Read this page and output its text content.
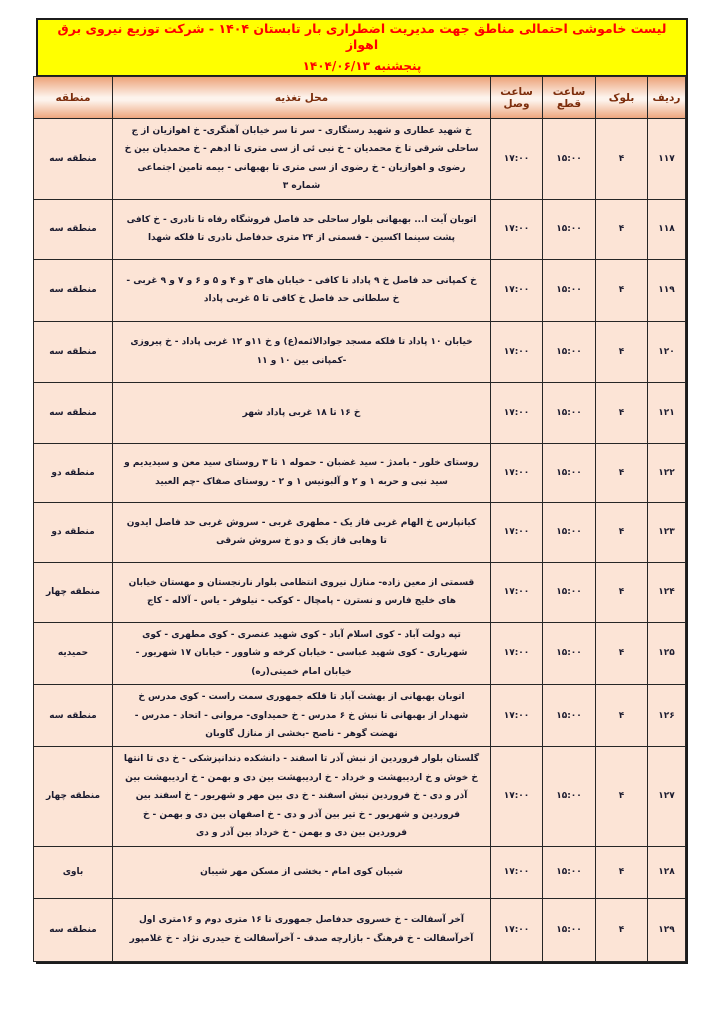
لیست خاموشی احتمالی مناطق جهت مدیریت اضطراری بار تابستان ۱۴۰۴ - شرکت توزیع نیروی برق اهواز
پنجشنبه ۱۴۰۴/۰۶/۱۳
ردیف	بلوک	ساعت قطع	ساعت وصل	محل تغذیه	منطقه
۱۱۷	۴	۱۵:۰۰	۱۷:۰۰	خ شهید عطاری و شهید رستگاری - سر تا سر خیابان آهنگری- خ اهوازیان از ج ساحلی شرقی تا خ محمدیان - خ نبی ئی از سی متری تا ادهم - خ محمدیان بین خ رضوی و اهوازیان - خ رضوی از سی متری تا بهبهانی - بیمه تامین اجتماعی شماره ۳	منطقه سه
۱۱۸	۴	۱۵:۰۰	۱۷:۰۰	اتوبان آیت ا... بهبهانی بلوار ساحلی حد فاصل فروشگاه رفاه تا نادری - خ کافی پشت سینما اکسین - قسمتی از ۲۴ متری حدفاصل نادری تا فلکه شهدا	منطقه سه
۱۱۹	۴	۱۵:۰۰	۱۷:۰۰	خ کمپانی حد فاصل خ ۹ پاداد تا کافی - خیابان های ۳ و ۴ و ۵ و ۶ و ۷ و ۹ غربی - خ سلطانی حد فاصل خ کافی تا ۵ غربی پاداد	منطقه سه
۱۲۰	۴	۱۵:۰۰	۱۷:۰۰	خیابان ۱۰ پاداد تا فلکه مسجد جوادالائمه(ع) و خ ۱۱و ۱۲ غربی پاداد - خ پیروزی -کمپانی بین ۱۰ و ۱۱	منطقه سه
۱۲۱	۴	۱۵:۰۰	۱۷:۰۰	خ ۱۶ تا ۱۸ غربی پاداد شهر	منطقه سه
۱۲۲	۴	۱۵:۰۰	۱۷:۰۰	روستای خلور - بامدژ - سید غضبان - حموله ۱ تا ۳ روستای سید معن و سیدیدیم و سید نبی و حربه ۱ و ۲ و آلبونیس ۱ و ۲ - روستای صفاک -چم العبید	منطقه دو
۱۲۳	۴	۱۵:۰۰	۱۷:۰۰	کیانپارس خ الهام غربی فاز یک - مطهری غربی - سروش غربی حد فاصل ایدون تا وهابی فاز یک و دو خ سروش شرقی	منطقه دو
۱۲۴	۴	۱۵:۰۰	۱۷:۰۰	قسمتی از معین زاده- منازل نیروی انتظامی بلوار نارنجستان و مهستان خیابان های خلیج فارس و نسترن - پامچال - کوکب - نیلوفر - یاس - آلاله - کاج	منطقه چهار
۱۲۵	۴	۱۵:۰۰	۱۷:۰۰	تپه دولت آباد - کوی اسلام آباد - کوی شهید عنصری - کوی مطهری - کوی شهریاری - کوی شهید عباسی - خیابان کرخه و شاوور - خیابان ۱۷ شهریور - خیابان امام خمینی(ره)	حمیدیه
۱۲۶	۴	۱۵:۰۰	۱۷:۰۰	اتوبان بهبهانی از بهشت آباد تا فلکه جمهوری سمت راست - کوی مدرس خ شهدار از بهبهانی تا نبش خ ۶ مدرس - خ حمیداوی- مروانی - اتحاد - مدرس - نهضت گوهر - ناصح -بخشی از منازل گاوبان	منطقه سه
۱۲۷	۴	۱۵:۰۰	۱۷:۰۰	گلستان بلوار فروردین از نبش آذر تا اسفند - دانشکده دندانپزشکی - خ دی تا انتها خ خوش و خ اردیبهشت و خرداد - خ اردیبهشت بین دی و بهمن - خ اردیبهشت بین آذر و دی - خ فروردین نبش اسفند - خ دی بین مهر و شهریور - خ اسفند بین فروردین و شهریور - خ تیر بین آذر و دی - خ اصفهان بین دی و بهمن - خ فروردین بین دی و بهمن - خ خرداد بین آذر و دی	منطقه چهار
۱۲۸	۴	۱۵:۰۰	۱۷:۰۰	شیبان کوی امام - بخشی از مسکن مهر شیبان	باوی
۱۲۹	۴	۱۵:۰۰	۱۷:۰۰	آخر آسفالت - خ خسروی حدفاصل جمهوری تا ۱۶ متری دوم و ۱۶متری اول آخرآسفالت - خ فرهنگ - بازارچه صدف - آخرآسفالت خ حیدری نژاد - خ غلامپور	منطقه سه
